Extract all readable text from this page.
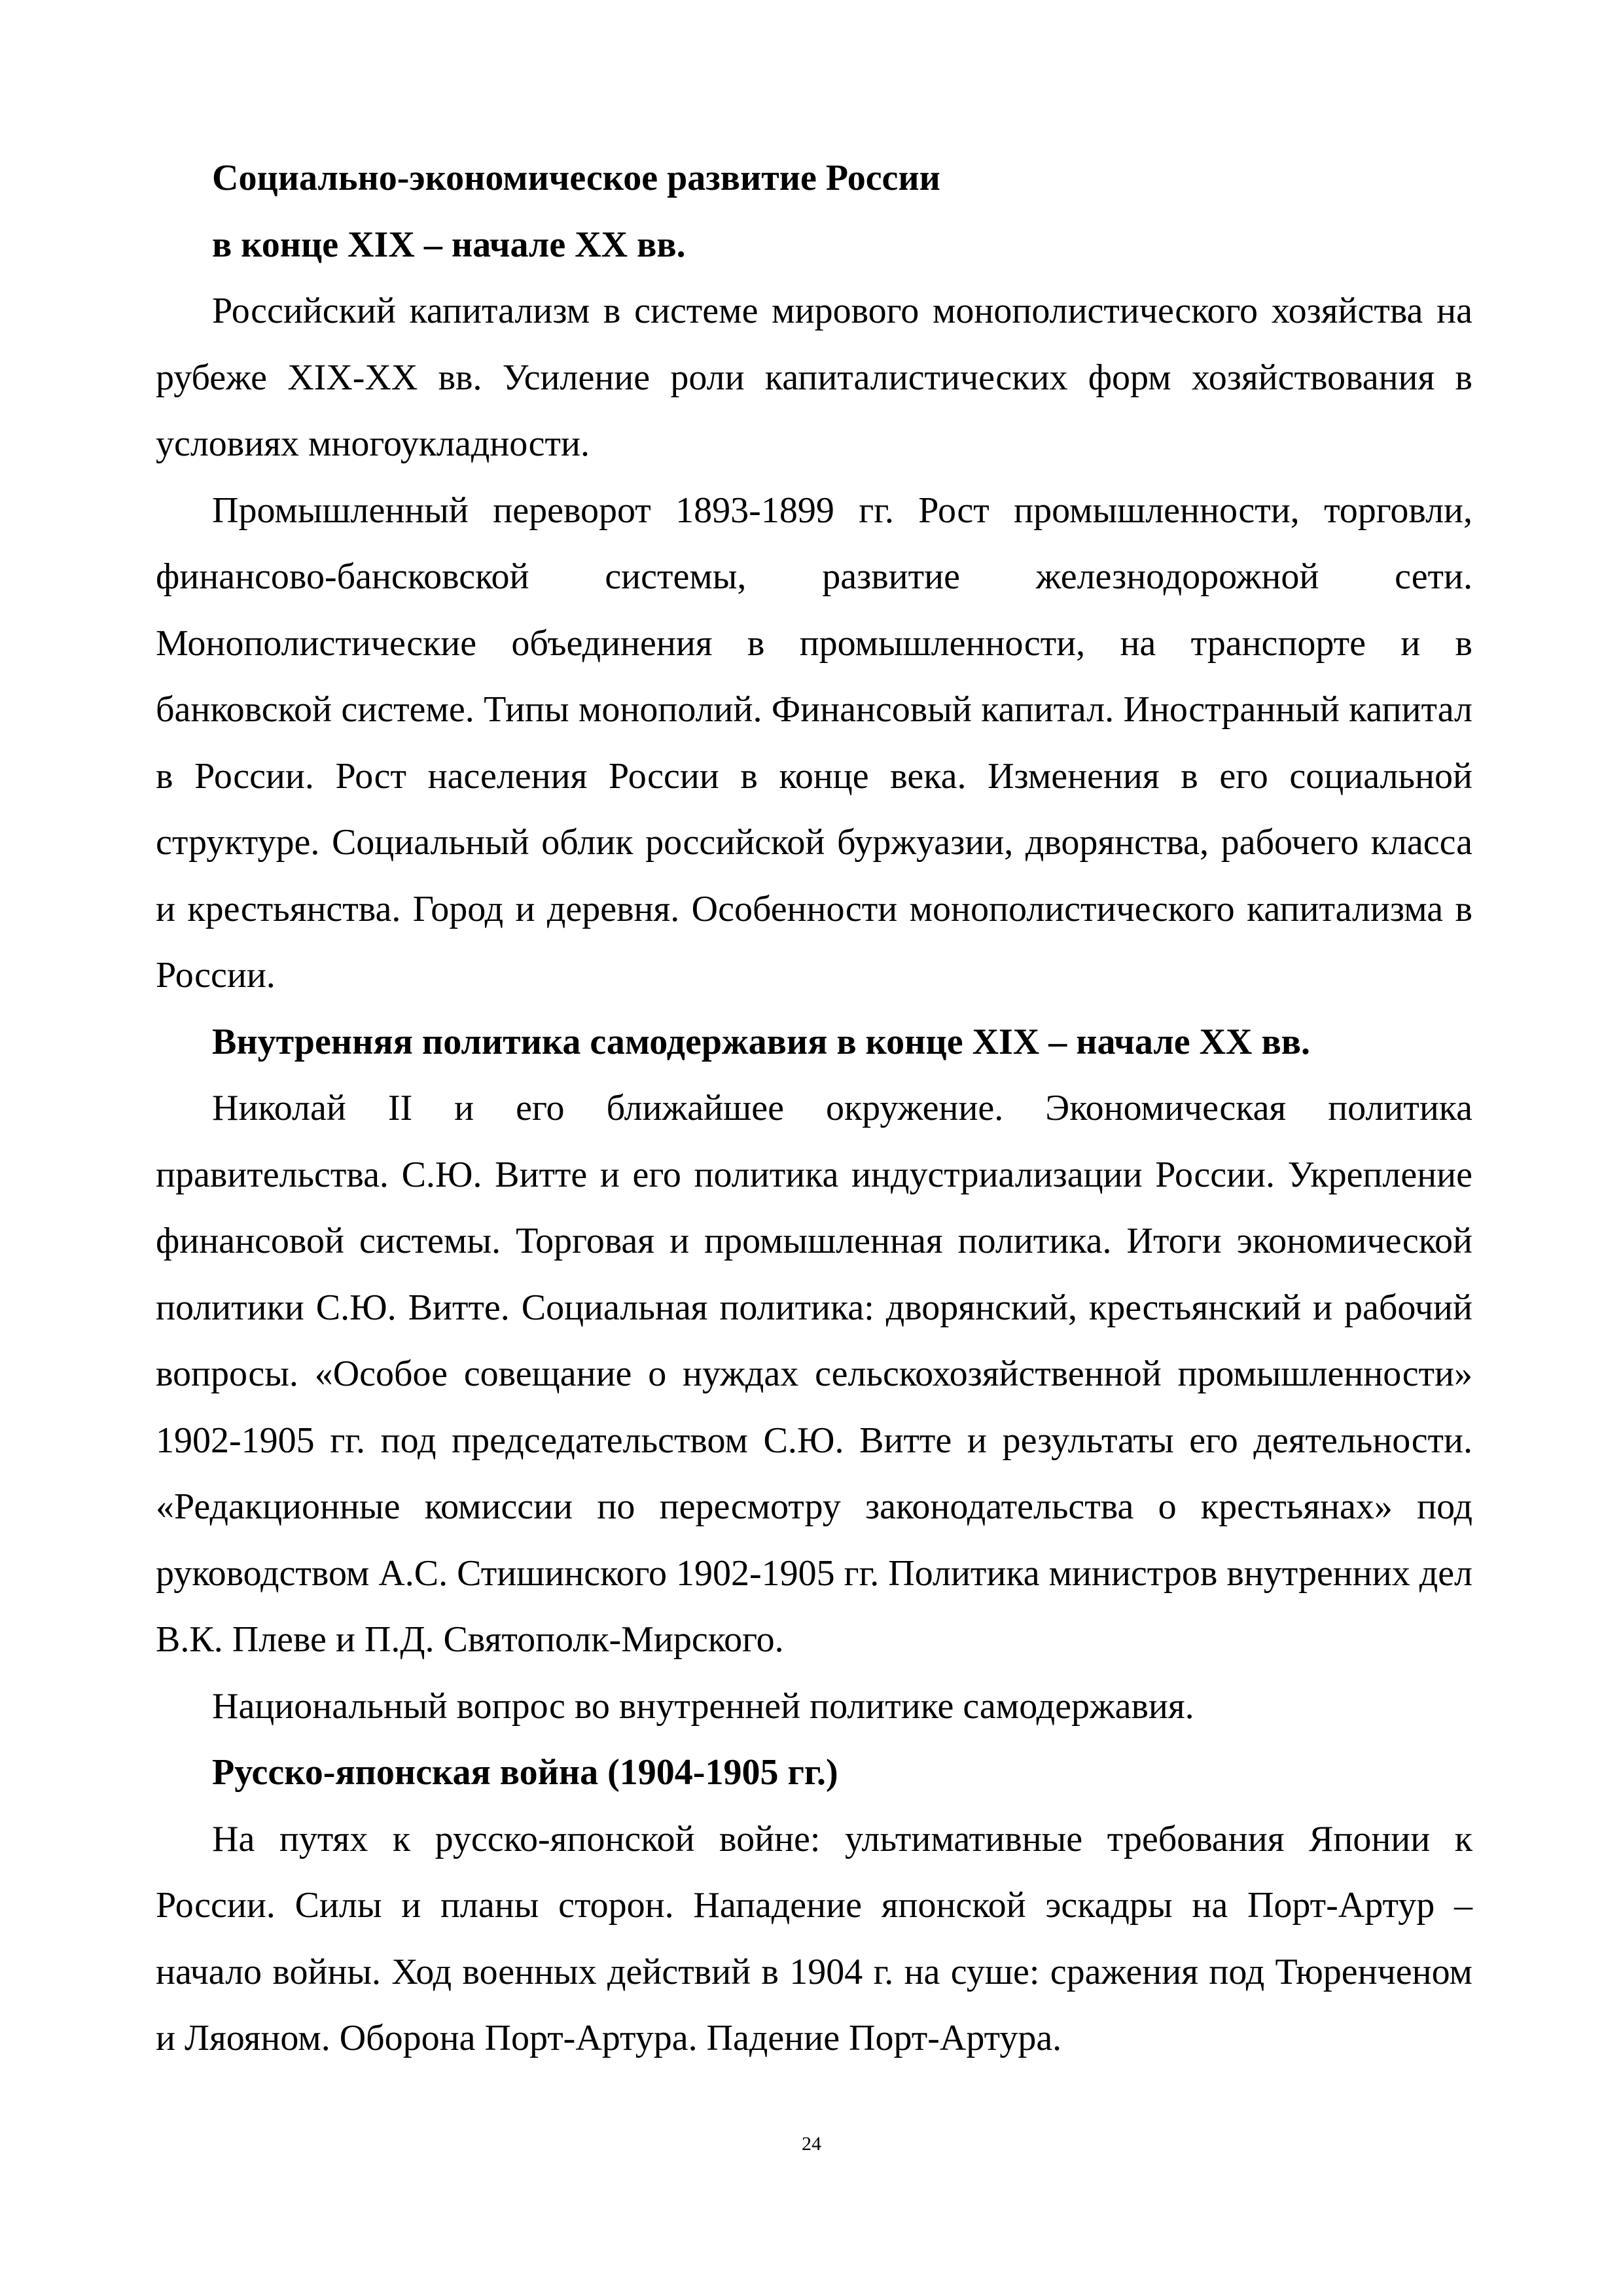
Социально-экономическое развитие России

в конце XIX – начале XX вв.

Российский капитализм в системе мирового монополистического хозяйства на рубеже XIX-XX вв. Усиление роли капиталистических форм хозяйствования в условиях многоукладности.

Промышленный переворот 1893-1899 гг. Рост промышленности, торговли, финансово-бансковской системы, развитие железнодорожной сети. Монополистические объединения в промышленности, на транспорте и в банковской системе. Типы монополий. Финансовый капитал. Иностранный капитал в России. Рост населения России в конце века. Изменения в его социальной структуре. Социальный облик российской буржуазии, дворянства, рабочего класса и крестьянства. Город и деревня. Особенности монополистического капитализма в России.

Внутренняя политика самодержавия в конце XIX – начале XX вв.

Николай II и его ближайшее окружение. Экономическая политика правительства. С.Ю. Витте и его политика индустриализации России. Укрепление финансовой системы. Торговая и промышленная политика. Итоги экономической политики С.Ю. Витте. Социальная политика: дворянский, крестьянский и рабочий вопросы. «Особое совещание о нуждах сельскохозяйственной промышленности» 1902-1905 гг. под председательством С.Ю. Витте и результаты его деятельности. «Редакционные комиссии по пересмотру законодательства о крестьянах» под руководством А.С. Стишинского 1902-1905 гг. Политика министров внутренних дел В.К. Плеве и П.Д. Святополк-Мирского.

Национальный вопрос во внутренней политике самодержавия.

Русско-японская война (1904-1905 гг.)

На путях к русско-японской войне: ультимативные требования Японии к России. Силы и планы сторон. Нападение японской эскадры на Порт-Артур – начало войны. Ход военных действий в 1904 г. на суше: сражения под Тюренченом и Ляояном. Оборона Порт-Артура. Падение Порт-Артура.

24
